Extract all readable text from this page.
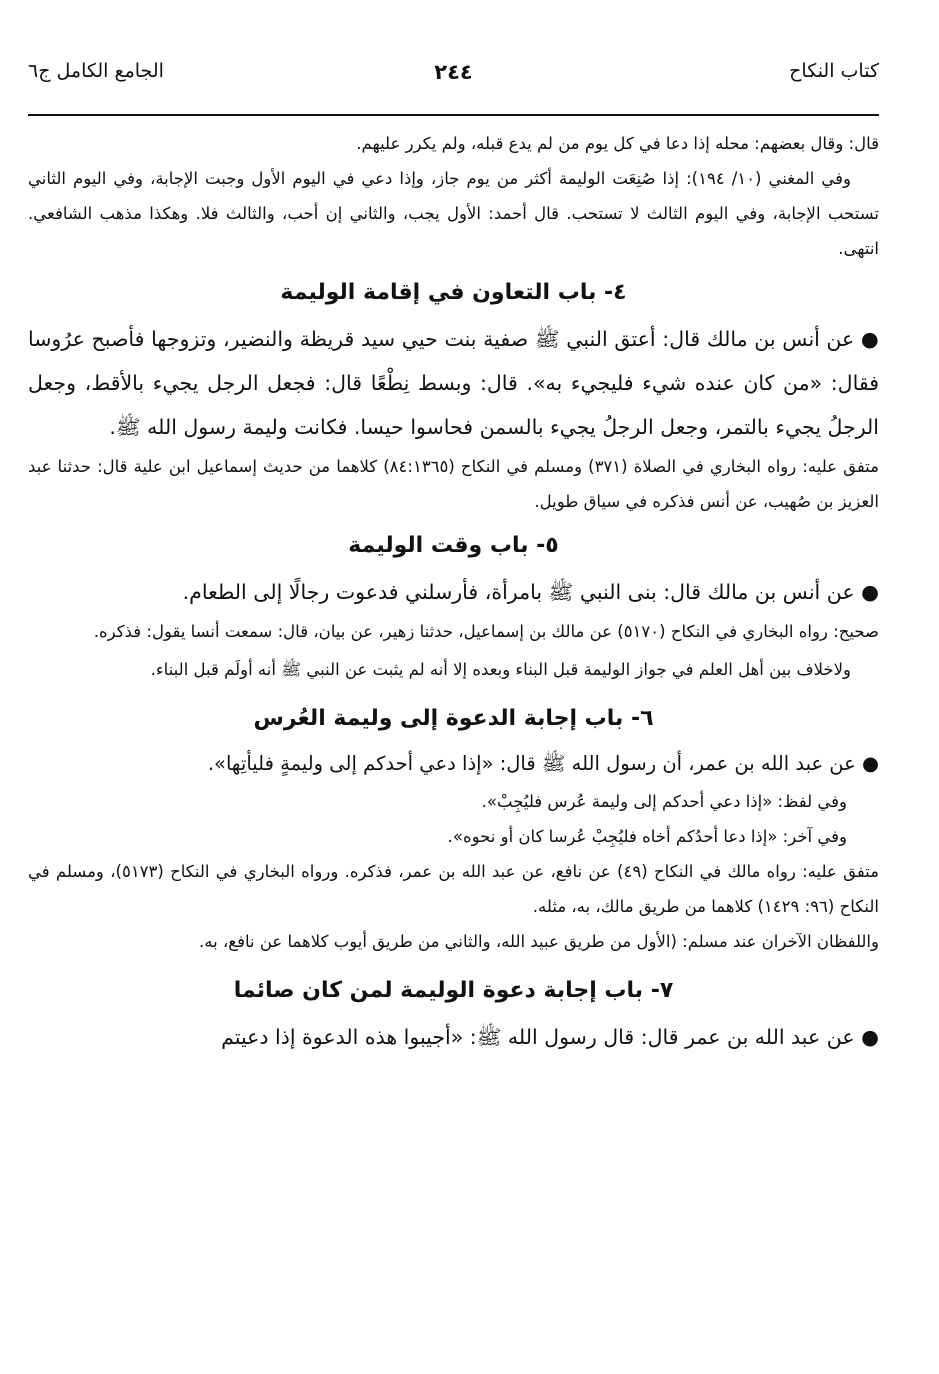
كتاب النكاح
٢٤٤
الجامع الكامل ج٦

قال: وقال بعضهم: محله إذا دعا في كل يوم من لم يدع قبله، ولم يكرر عليهم.

وفي المغني (١٠/ ١٩٤): إذا صُنِعَت الوليمة أكثر من يوم جاز، وإذا دعي في اليوم الأول وجبت الإجابة، وفي اليوم الثاني تستحب الإجابة، وفي اليوم الثالث لا تستحب. قال أحمد: الأول يجب، والثاني إن أحب، والثالث فلا. وهكذا مذهب الشافعي. انتهى.

٤- باب التعاون في إقامة الوليمة

● عن أنس بن مالك قال: أعتق النبي ﷺ صفية بنت حيي سيد قريظة والنضير، وتزوجها فأصبح عرُوسا فقال: «من كان عنده شيء فليجيء به». قال: وبسط نِطْعًا قال: فجعل الرجل يجيء بالأقط، وجعل الرجلُ يجيء بالتمر، وجعل الرجلُ يجيء بالسمن فحاسوا حيسا. فكانت وليمة رسول الله ﷺ.

متفق عليه: رواه البخاري في الصلاة (٣٧١) ومسلم في النكاح (٨٤:١٣٦٥) كلاهما من حديث إسماعيل ابن علية قال: حدثنا عبد العزيز بن صُهيب، عن أنس فذكره في سياق طويل.

٥- باب وقت الوليمة

● عن أنس بن مالك قال: بنى النبي ﷺ بامرأة، فأرسلني فدعوت رجالًا إلى الطعام.

صحيح: رواه البخاري في النكاح (٥١٧٠) عن مالك بن إسماعيل، حدثنا زهير، عن بيان، قال: سمعت أنسا يقول: فذكره.

ولاخلاف بين أهل العلم في جواز الوليمة قبل البناء وبعده إلا أنه لم يثبت عن النبي ﷺ أنه أولَم قبل البناء.

٦- باب إجابة الدعوة إلى وليمة العُرس

● عن عبد الله بن عمر، أن رسول الله ﷺ قال: «إذا دعي أحدكم إلى وليمةٍ فليأتِها».

وفي لفظ: «إذا دعي أحدكم إلى وليمة عُرس فليُجِبْ».

وفي آخر: «إذا دعا أحدُكم أخاه فليُجِبْ عُرسا كان أو نحوه».

متفق عليه: رواه مالك في النكاح (٤٩) عن نافع، عن عبد الله بن عمر، فذكره. ورواه البخاري في النكاح (٥١٧٣)، ومسلم في النكاح (٩٦: ١٤٢٩) كلاهما من طريق مالك، به، مثله.

واللفظان الآخران عند مسلم: (الأول من طريق عبيد الله، والثاني من طريق أيوب كلاهما عن نافع، به.

٧- باب إجابة دعوة الوليمة لمن كان صائما

● عن عبد الله بن عمر قال: قال رسول الله ﷺ: «أجيبوا هذه الدعوة إذا دعيتم
